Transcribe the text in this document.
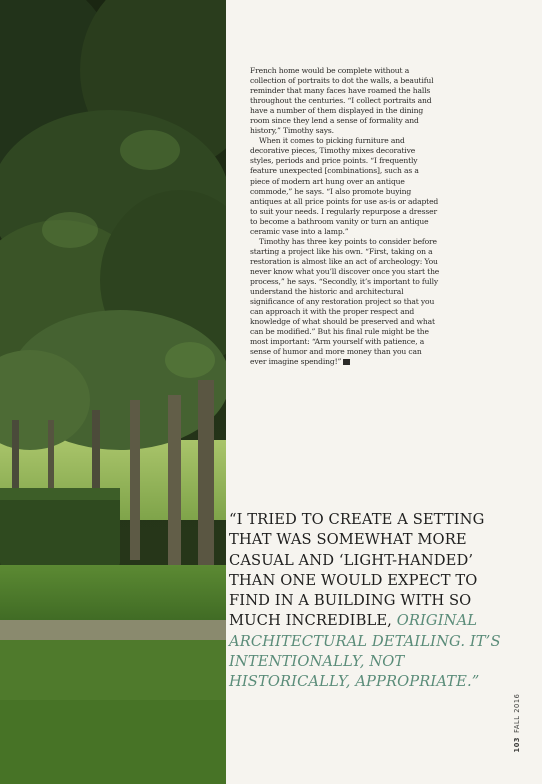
French home would be complete without a collection of portraits to dot the walls, a beautiful reminder that many faces have roamed the halls throughout the centuries. “I collect portraits and have a number of them displayed in the dining room since they lend a sense of formality and history,” Timothy says.

When it comes to picking furniture and decorative pieces, Timothy mixes decorative styles, periods and price points. “I frequently feature unexpected [combinations], such as a piece of modern art hung over an antique commode,” he says. “I also promote buying antiques at all price points for use as-is or adapted to suit your needs. I regularly repurpose a dresser to become a bathroom vanity or turn an antique ceramic vase into a lamp.”

Timothy has three key points to consider before starting a project like his own. “First, taking on a restoration is almost like an act of archeology: You never know what you’ll discover once you start the process,” he says. “Secondly, it’s important to fully understand the historic and architectural significance of any restoration project so that you can approach it with the proper respect and knowledge of what should be preserved and what can be modified.” But his final rule might be the most important: “Arm yourself with patience, a sense of humor and more money than you can ever imagine spending!”

“I TRIED TO CREATE A SETTING THAT WAS SOMEWHAT MORE CASUAL AND ‘LIGHT-HANDED’ THAN ONE WOULD EXPECT TO FIND IN A BUILDING WITH SO MUCH INCREDIBLE, ORIGINAL ARCHITECTURAL DETAILING. IT’S INTENTIONALLY, NOT HISTORICALLY, APPROPRIATE.”
103FALL 2016
